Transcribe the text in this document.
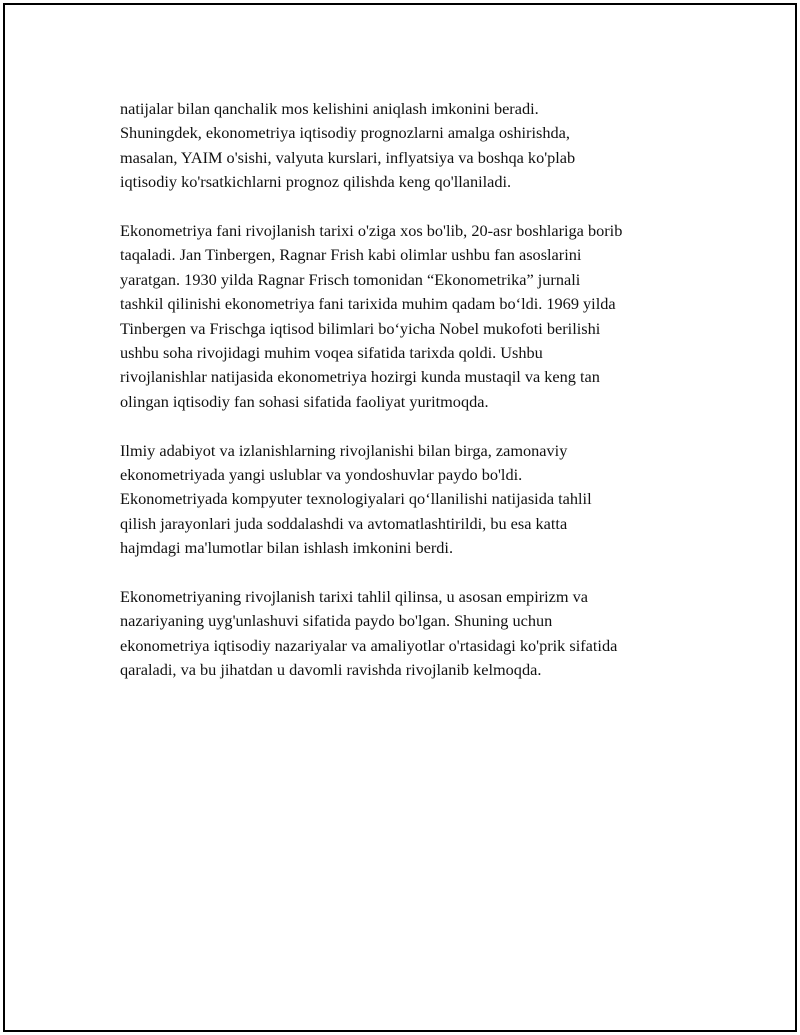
natijalar bilan qanchalik mos kelishini aniqlash imkonini beradi.
Shuningdek, ekonometriya iqtisodiy prognozlarni amalga oshirishda,
masalan, YAIM o'sishi, valyuta kurslari, inflyatsiya va boshqa ko'plab
iqtisodiy ko'rsatkichlarni prognoz qilishda keng qo'llaniladi.

Ekonometriya fani rivojlanish tarixi o'ziga xos bo'lib, 20-asr boshlariga borib
taqaladi. Jan Tinbergen, Ragnar Frish kabi olimlar ushbu fan asoslarini
yaratgan. 1930 yilda Ragnar Frisch tomonidan “Ekonometrika” jurnali
tashkil qilinishi ekonometriya fani tarixida muhim qadam bo‘ldi. 1969 yilda
Tinbergen va Frischga iqtisod bilimlari bo‘yicha Nobel mukofoti berilishi
ushbu soha rivojidagi muhim voqea sifatida tarixda qoldi. Ushbu
rivojlanishlar natijasida ekonometriya hozirgi kunda mustaqil va keng tan
olingan iqtisodiy fan sohasi sifatida faoliyat yuritmoqda.

Ilmiy adabiyot va izlanishlarning rivojlanishi bilan birga, zamonaviy
ekonometriyada yangi uslublar va yondoshuvlar paydo bo'ldi.
Ekonometriyada kompyuter texnologiyalari qo‘llanilishi natijasida tahlil
qilish jarayonlari juda soddalashdi va avtomatlashtirildi, bu esa katta
hajmdagi ma'lumotlar bilan ishlash imkonini berdi.

Ekonometriyaning rivojlanish tarixi tahlil qilinsa, u asosan empirizm va
nazariyaning uyg'unlashuvi sifatida paydo bo'lgan. Shuning uchun
ekonometriya iqtisodiy nazariyalar va amaliyotlar o'rtasidagi ko'prik sifatida
qaraladi, va bu jihatdan u davomli ravishda rivojlanib kelmoqda.
